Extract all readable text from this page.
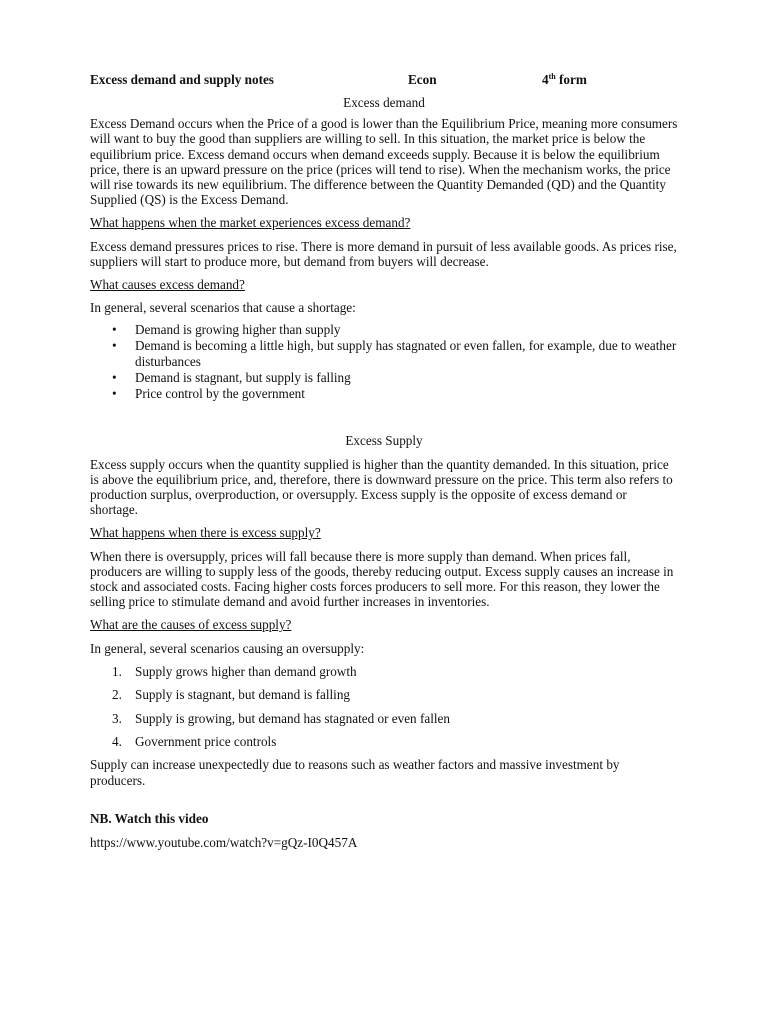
Excess demand and supply notes	Econ	4th form

Excess demand

Excess Demand occurs when the Price of a good is lower than the Equilibrium Price, meaning more consumers will want to buy the good than suppliers are willing to sell. In this situation, the market price is below the equilibrium price. Excess demand occurs when demand exceeds supply. Because it is below the equilibrium price, there is an upward pressure on the price (prices will tend to rise). When the mechanism works, the price will rise towards its new equilibrium. The difference between the Quantity Demanded (QD) and the Quantity Supplied (QS) is the Excess Demand.

What happens when the market experiences excess demand?

Excess demand pressures prices to rise. There is more demand in pursuit of less available goods. As prices rise, suppliers will start to produce more, but demand from buyers will decrease.

What causes excess demand?

In general, several scenarios that cause a shortage:

• Demand is growing higher than supply
• Demand is becoming a little high, but supply has stagnated or even fallen, for example, due to weather disturbances
• Demand is stagnant, but supply is falling
• Price control by the government

Excess Supply

Excess supply occurs when the quantity supplied is higher than the quantity demanded. In this situation, price is above the equilibrium price, and, therefore, there is downward pressure on the price. This term also refers to production surplus, overproduction, or oversupply. Excess supply is the opposite of excess demand or shortage.

What happens when there is excess supply?

When there is oversupply, prices will fall because there is more supply than demand. When prices fall, producers are willing to supply less of the goods, thereby reducing output. Excess supply causes an increase in stock and associated costs. Facing higher costs forces producers to sell more. For this reason, they lower the selling price to stimulate demand and avoid further increases in inventories.

What are the causes of excess supply?

In general, several scenarios causing an oversupply:

1. Supply grows higher than demand growth
2. Supply is stagnant, but demand is falling
3. Supply is growing, but demand has stagnated or even fallen
4. Government price controls

Supply can increase unexpectedly due to reasons such as weather factors and massive investment by producers.

NB. Watch this video

https://www.youtube.com/watch?v=gQz-I0Q457A
